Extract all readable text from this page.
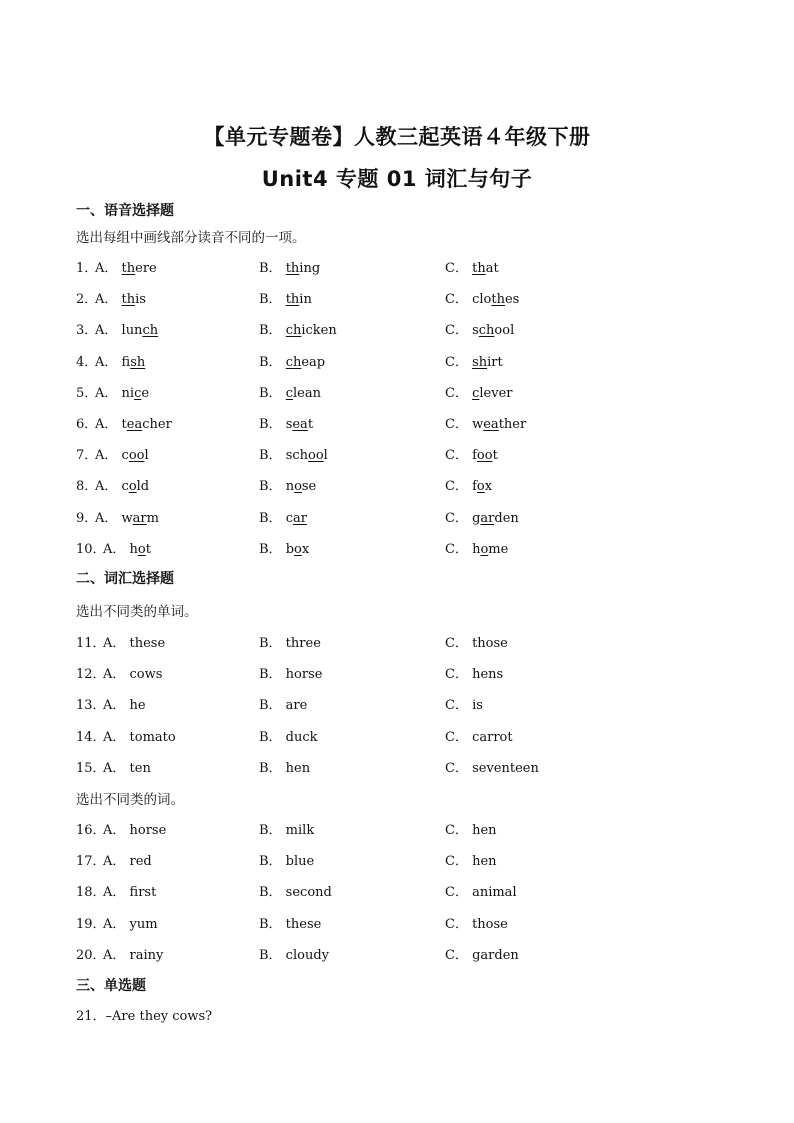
【单元专题卷】人教三起英语４年级下册
Unit4 专题 01 词汇与句子
一、语音选择题
选出每组中画线部分读音不同的一项。
1．
A． there	B． thing	C． that
2．
A． this	B． thin	C． clothes
3．
A． lunch	B． chicken	C． school
4．
A． fish	B． cheap	C． shirt
5．
A． nice	B． clean	C． clever
6．
A． teacher	B． seat	C． weather
7．
A． cool	B． school	C． foot
8．
A． cold	B． nose	C． fox
9．
A． warm	B． car	C． garden
10．
A． hot	B． box	C． home
二、词汇选择题
选出不同类的单词。
11．
A． these	B． three	C． those
12．
A． cows	B． horse	C． hens
13．
A． he	B． are	C． is
14．
A． tomato	B． duck	C． carrot
15．
A． ten	B． hen	C． seventeen
选出不同类的词。
16．
A． horse	B． milk	C． hen
17．
A． red	B． blue	C． hen
18．
A． first	B． second	C． animal
19．
A． yum	B． these	C． those
20．
A． rainy	B． cloudy	C． garden
三、单选题
21．–Are they cows?
